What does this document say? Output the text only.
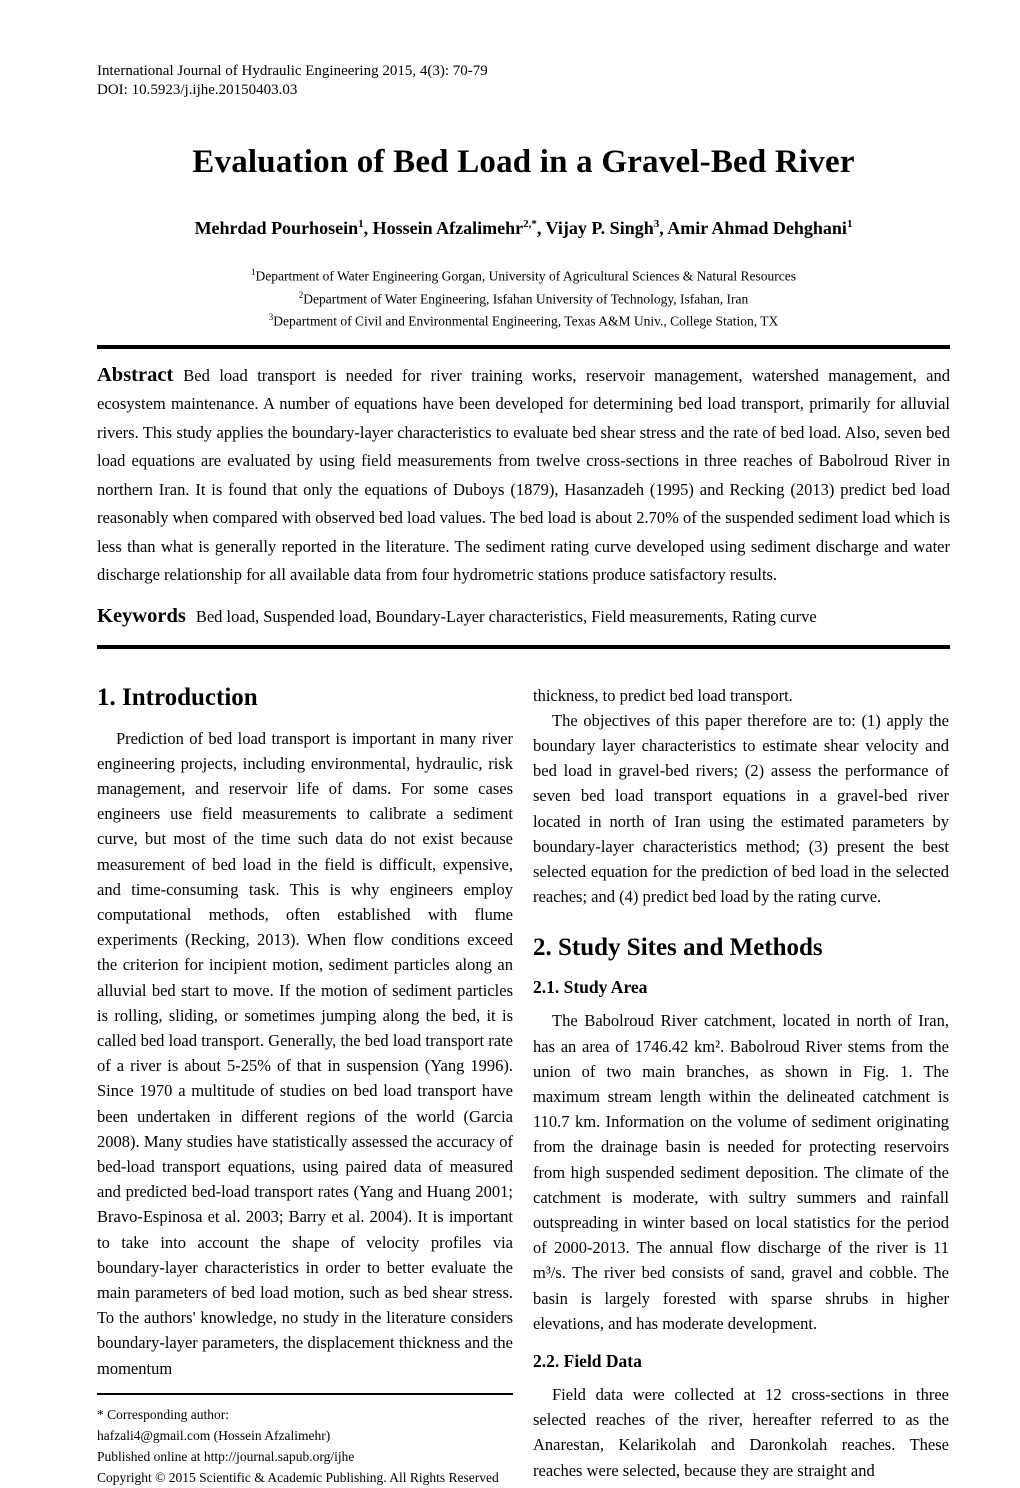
International Journal of Hydraulic Engineering 2015, 4(3): 70-79
DOI: 10.5923/j.ijhe.20150403.03
Evaluation of Bed Load in a Gravel-Bed River
Mehrdad Pourhosein$^1$, Hossein Afzalimehr$^{2,*}$, Vijay P. Singh$^3$, Amir Ahmad Dehghani$^1$
$^1$Department of Water Engineering Gorgan, University of Agricultural Sciences & Natural Resources
$^2$Department of Water Engineering, Isfahan University of Technology, Isfahan, Iran
$^3$Department of Civil and Environmental Engineering, Texas A&M Univ., College Station, TX
Abstract Bed load transport is needed for river training works, reservoir management, watershed management, and ecosystem maintenance. A number of equations have been developed for determining bed load transport, primarily for alluvial rivers. This study applies the boundary-layer characteristics to evaluate bed shear stress and the rate of bed load. Also, seven bed load equations are evaluated by using field measurements from twelve cross-sections in three reaches of Babolroud River in northern Iran. It is found that only the equations of Duboys (1879), Hasanzadeh (1995) and Recking (2013) predict bed load reasonably when compared with observed bed load values. The bed load is about 2.70% of the suspended sediment load which is less than what is generally reported in the literature. The sediment rating curve developed using sediment discharge and water discharge relationship for all available data from four hydrometric stations produce satisfactory results.
Keywords Bed load, Suspended load, Boundary-Layer characteristics, Field measurements, Rating curve
1. Introduction

Prediction of bed load transport is important in many river engineering projects, including environmental, hydraulic, risk management, and reservoir life of dams. For some cases engineers use field measurements to calibrate a sediment curve, but most of the time such data do not exist because measurement of bed load in the field is difficult, expensive, and time-consuming task. This is why engineers employ computational methods, often established with flume experiments (Recking, 2013). When flow conditions exceed the criterion for incipient motion, sediment particles along an alluvial bed start to move. If the motion of sediment particles is rolling, sliding, or sometimes jumping along the bed, it is called bed load transport. Generally, the bed load transport rate of a river is about 5-25% of that in suspension (Yang 1996). Since 1970 a multitude of studies on bed load transport have been undertaken in different regions of the world (Garcia 2008). Many studies have statistically assessed the accuracy of bed-load transport equations, using paired data of measured and predicted bed-load transport rates (Yang and Huang 2001; Bravo-Espinosa et al. 2003; Barry et al. 2004). It is important to take into account the shape of velocity profiles via boundary-layer characteristics in order to better evaluate the main parameters of bed load motion, such as bed shear stress. To the authors' knowledge, no study in the literature considers boundary-layer parameters, the displacement thickness and the momentum

* Corresponding author:
hafzali4@gmail.com (Hossein Afzalimehr)
Published online at http://journal.sapub.org/ijhe
Copyright © 2015 Scientific & Academic Publishing. All Rights Reserved

thickness, to predict bed load transport.

The objectives of this paper therefore are to: (1) apply the boundary layer characteristics to estimate shear velocity and bed load in gravel-bed rivers; (2) assess the performance of seven bed load transport equations in a gravel-bed river located in north of Iran using the estimated parameters by boundary-layer characteristics method; (3) present the best selected equation for the prediction of bed load in the selected reaches; and (4) predict bed load by the rating curve.

2. Study Sites and Methods
2.1. Study Area

The Babolroud River catchment, located in north of Iran, has an area of 1746.42 km². Babolroud River stems from the union of two main branches, as shown in Fig. 1. The maximum stream length within the delineated catchment is 110.7 km. Information on the volume of sediment originating from the drainage basin is needed for protecting reservoirs from high suspended sediment deposition. The climate of the catchment is moderate, with sultry summers and rainfall outspreading in winter based on local statistics for the period of 2000-2013. The annual flow discharge of the river is 11 m³/s. The river bed consists of sand, gravel and cobble. The basin is largely forested with sparse shrubs in higher elevations, and has moderate development.

2.2. Field Data

Field data were collected at 12 cross-sections in three selected reaches of the river, hereafter referred to as the Anarestan, Kelarikolah and Daronkolah reaches. These reaches were selected, because they are straight and
